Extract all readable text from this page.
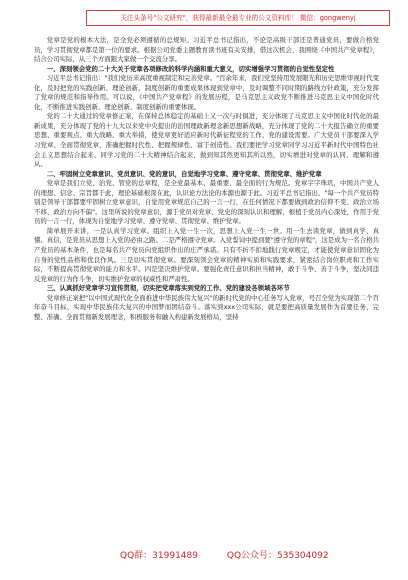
关注头条号"公文研究"，获得最新最全最专业的公文资料库！ 微信：gongwenyj

党章是党的根本大法，是全党必须遵循的总规矩。习近平总书记指出，不论是高级干部还是普通党员，要做合格党员，学习贯彻党章都是第一位的要求。根据公司党委主题教育读书班有关安排，借这次机会，我围绕《中国共产党章程》，结合公司实际，从三个方面跟大家做一个交流分享。

一、深刻领会党的二十大关于党章各项修改的科学内涵和重大意义，切实增强学习贯彻的自觉性坚定性

习近平总书记指出："我们党历来高度重视制定和完善党章。"百余年来，我们党坚持用发展眼光和历史思维审视时代变化，及时把党的实践创新、理论创新、制度创新的重要成果体现到党章中，及时调整不同时期的路线方针政策，充分发挥了党章的规范和指导作用。可以说，《中国共产党章程》的发展历程，是马克思主义政党不断推进马克思主义中国化时代化，不断推进实践创新、理论创新、制度创新的重要体现。

党的二十大通过的党章修正案，在保持总体稳定的基础上又一次与时俱进，充分体现了马克思主义中国化时代化的最新成果，充分体现了党的十九大以来党中央提出的治国理政新理念新思想新战略，充分体现了党的二十大报告确立的重要思想、重要观点、重大战略、重大举措，使党章更好适应新时代新征程党的工作、党的建设需要。广大党员干部要深入学习党章、全面贯彻党章，准确把握时代性、把握规律性、富于创造性。我们要把学习党章同学习习近平新时代中国特色社会主义思想结合起来、同学习党的二十大精神结合起来，做到知其然更知其所以然，切实增进对党章的认同、理解和遵从。

二、牢固树立党章意识、党员意识、党的意识，自觉地学习党章、遵守党章、贯彻党章、维护党章

党章是我们立党、治党、管党的总章程，是全党最基本、最重要、最全面的行为规范。党章字字珠玑，中国共产党人的理想、信念、宗旨都于此，理论基础根深在此，认识论方法论的本源也源于此。习近平总书记指出，"每一个共产党员特别是领导干部都要牢固树立党章意识，自觉用党章规范自己的一言一行，在任何情况下都要做到政治信仰不变、政治立场不移、政治方向不偏"。这里所说的党章意识，源于党员对党章、党史的深刻认识和理解，根植于党员内心深处，作用于党员的一言一行，体现为自觉地学习党章、遵守党章、贯彻党章、维护党章。

简单展开来讲，一是认真学习党章。组织上入党一生一次，思想上入党一生一世。用一生去读党章，做到真学、真懂、真信，是党员从思想上入党的必由之路。二是严格遵守党章。入党誓词中提到要"遵守党的章程"，这是成为一名合格共产党员的基本条件，也是每名共产党员向党组织作出的庄严承诺。只有不折不扣地践行党章规定，才能使党章意识固化为自身的党性品格和优良作风。三是切实贯彻党章。要深刻领会党章的精神实质和实践要求，紧密结合岗位职责和工作实际，不断提高贯彻党章的能力和水平。四是坚决维护党章。要强化责任意识和担当精神，敢于斗争、善于斗争，坚决同违反党章的行为作斗争，切实维护党章的权威性和严肃性。

三、认真抓好党章学习宣传贯彻，切实把党章落实到党的工作、党的建设各领域各环节

党章修正案把"以中国式现代化全面推进中华民族伟大复兴"的新时代党的中心任务写入党章，号召全党为实现第二个百年奋斗目标、实现中华民族伟大复兴的中国梦而团结奋斗。落实到xxx公司实际，就是要把高质量发展作为首要任务，完整、准确、全面贯彻新发展理念，积极服务和融入构建新发展格局，坚持

QQ群：31991489	QQ公众号：535304092
